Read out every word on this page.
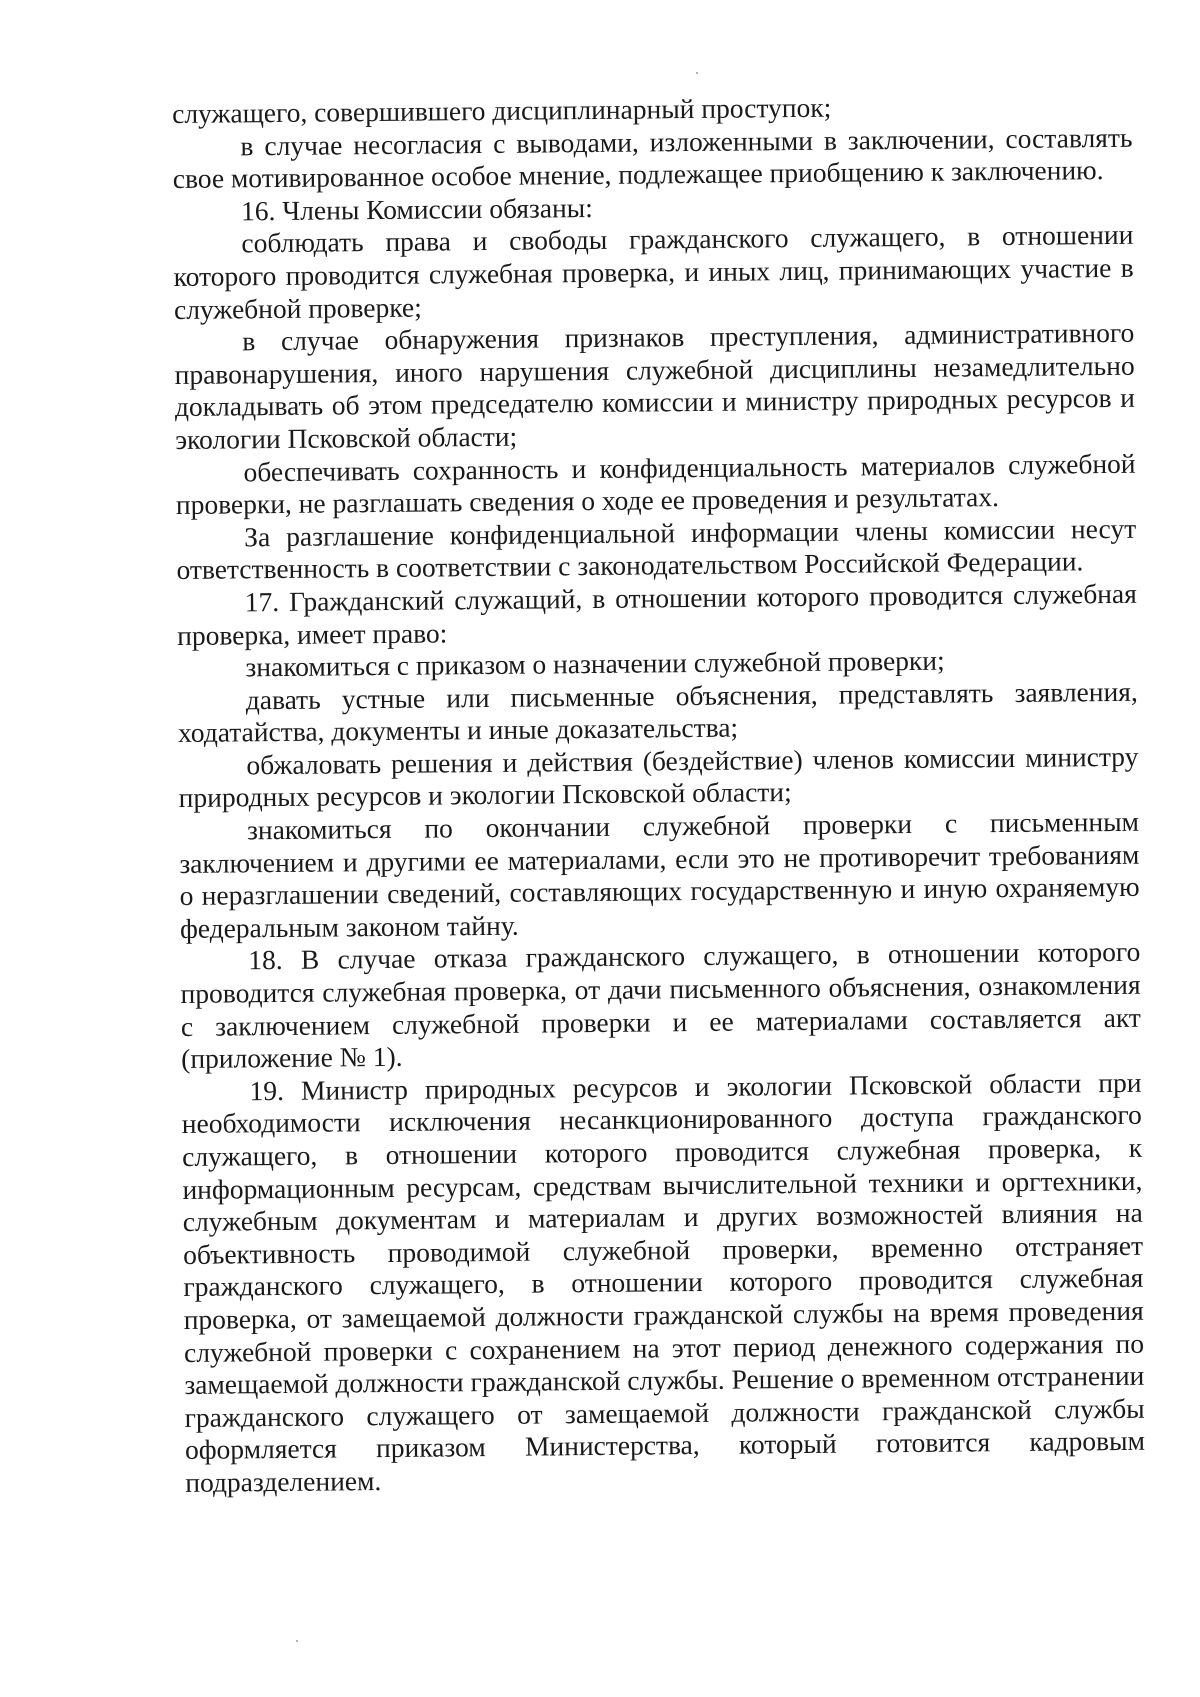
служащего, совершившего дисциплинарный проступок;

в случае несогласия с выводами, изложенными в заключении, составлять свое мотивированное особое мнение, подлежащее приобщению к заключению.

16. Члены Комиссии обязаны:

соблюдать права и свободы гражданского служащего, в отношении которого проводится служебная проверка, и иных лиц, принимающих участие в служебной проверке;

в случае обнаружения признаков преступления, административного правонарушения, иного нарушения служебной дисциплины незамедлительно докладывать об этом председателю комиссии и министру природных ресурсов и экологии Псковской области;

обеспечивать сохранность и конфиденциальность материалов служебной проверки, не разглашать сведения о ходе ее проведения и результатах.

За разглашение конфиденциальной информации члены комиссии несут ответственность в соответствии с законодательством Российской Федерации.

17. Гражданский служащий, в отношении которого проводится служебная проверка, имеет право:

знакомиться с приказом о назначении служебной проверки;

давать устные или письменные объяснения, представлять заявления, ходатайства, документы и иные доказательства;

обжаловать решения и действия (бездействие) членов комиссии министру природных ресурсов и экологии Псковской области;

знакомиться по окончании служебной проверки с письменным заключением и другими ее материалами, если это не противоречит требованиям о неразглашении сведений, составляющих государственную и иную охраняемую федеральным законом тайну.

18. В случае отказа гражданского служащего, в отношении которого проводится служебная проверка, от дачи письменного объяснения, ознакомления с заключением служебной проверки и ее материалами составляется акт (приложение № 1).

19. Министр природных ресурсов и экологии Псковской области при необходимости исключения несанкционированного доступа гражданского служащего, в отношении которого проводится служебная проверка, к информационным ресурсам, средствам вычислительной техники и оргтехники, служебным документам и материалам и других возможностей влияния на объективность проводимой служебной проверки, временно отстраняет гражданского служащего, в отношении которого проводится служебная проверка, от замещаемой должности гражданской службы на время проведения служебной проверки с сохранением на этот период денежного содержания по замещаемой должности гражданской службы. Решение о временном отстранении гражданского служащего от замещаемой должности гражданской службы оформляется приказом Министерства, который готовится кадровым подразделением.
